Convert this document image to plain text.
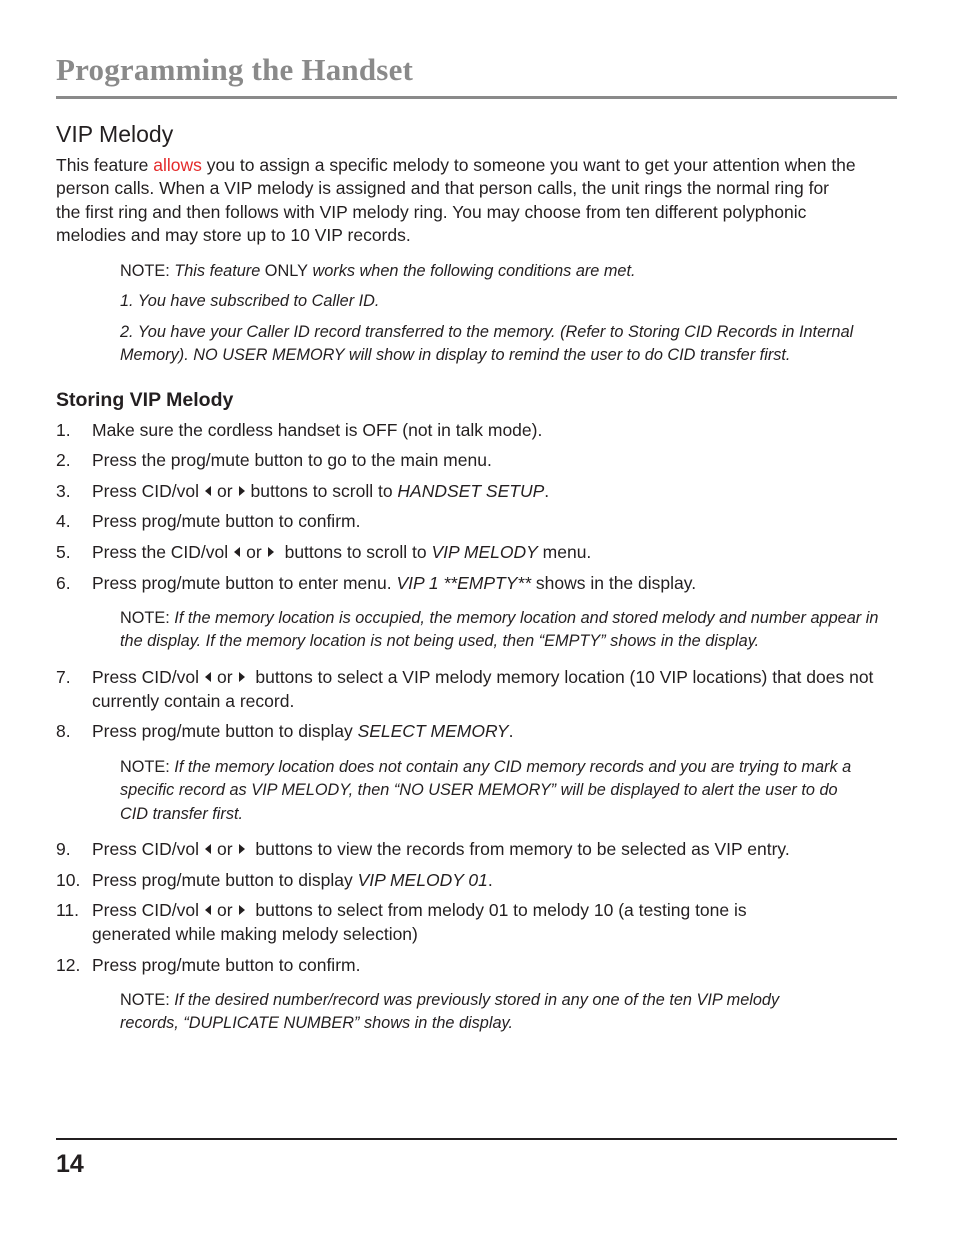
Programming the Handset
VIP Melody
This feature allows you to assign a specific melody to someone you want to get your attention when the person calls. When a VIP melody is assigned and that person calls, the unit rings the normal ring for the first ring and then follows with VIP melody ring. You may choose from ten different polyphonic melodies and may store up to 10 VIP records.
NOTE: This feature ONLY works when the following conditions are met.
1. You have subscribed to Caller ID.
2. You have your Caller ID record transferred to the memory. (Refer to Storing CID Records in Internal Memory). NO USER MEMORY will show in display to remind the user to do CID transfer first.
Storing VIP Melody
1.	Make sure the cordless handset is OFF (not in talk mode).
2.	Press the prog/mute button to go to the main menu.
3.	Press CID/vol or buttons to scroll to HANDSET SETUP.
4.	Press prog/mute button to confirm.
5.	Press the CID/vol or buttons to scroll to VIP MELODY menu.
6.	Press prog/mute button to enter menu. VIP 1 **EMPTY** shows in the display.
NOTE: If the memory location is occupied, the memory location and stored melody and number appear in the display. If the memory location is not being used, then “EMPTY” shows in the display.
7.	Press CID/vol or buttons to select a VIP melody memory location (10 VIP locations) that does not currently contain a record.
8.	Press prog/mute button to display SELECT MEMORY.
NOTE: If the memory location does not contain any CID memory records and you are trying to mark a specific record as VIP MELODY, then “NO USER MEMORY” will be displayed to alert the user to do CID transfer first.
9.	Press CID/vol or buttons to view the records from memory to be selected as VIP entry.
10. Press prog/mute button to display VIP MELODY 01.
11. Press CID/vol or buttons to select from melody 01 to melody 10 (a testing tone is generated while making melody selection)
12. Press prog/mute button to confirm.
NOTE: If the desired number/record was previously stored in any one of the ten VIP melody records, “DUPLICATE NUMBER” shows in the display.
14
